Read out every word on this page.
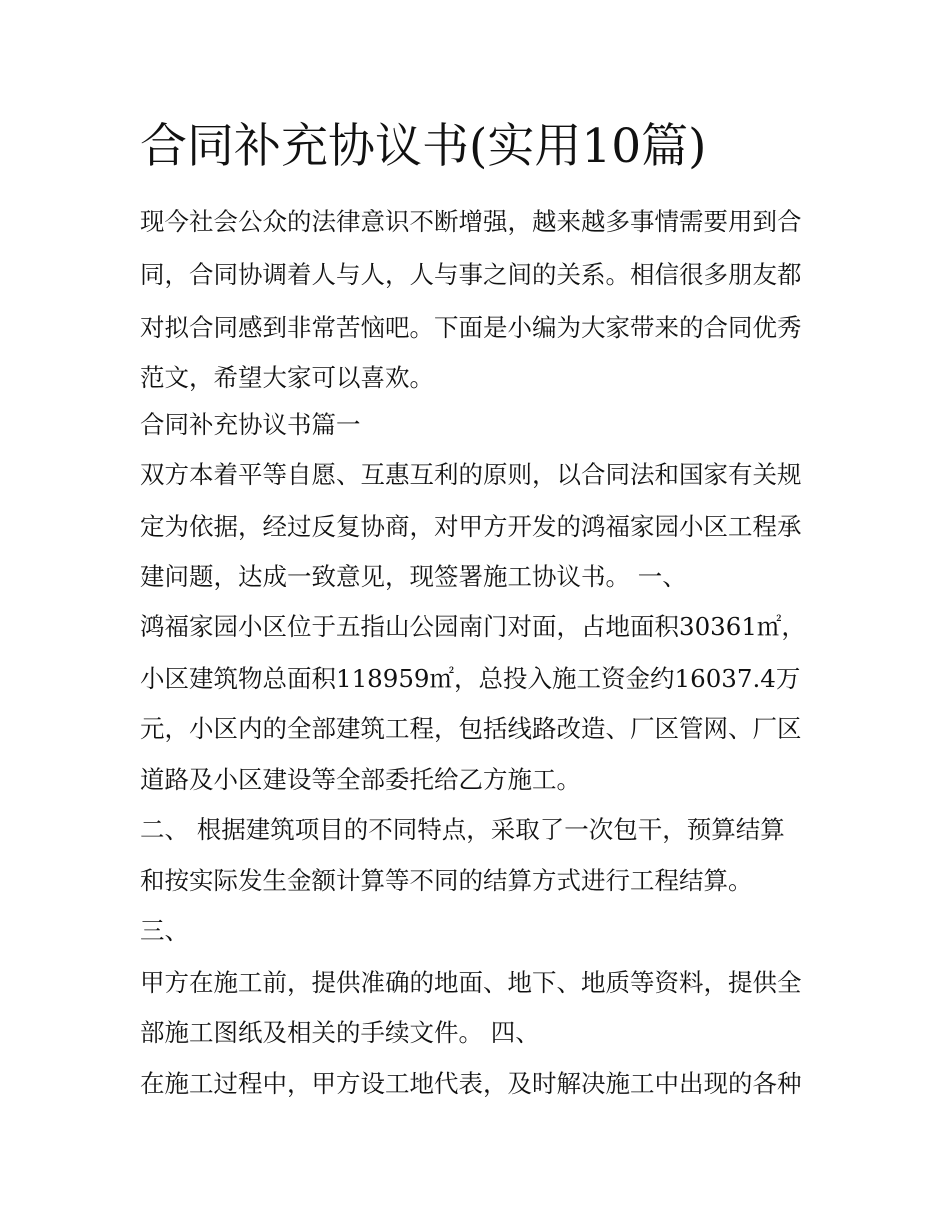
合同补充协议书(实用10篇)

现今社会公众的法律意识不断增强，越来越多事情需要用到合

同，合同协调着人与人，人与事之间的关系。相信很多朋友都

对拟合同感到非常苦恼吧。下面是小编为大家带来的合同优秀

范文，希望大家可以喜欢。

合同补充协议书篇一

双方本着平等自愿、互惠互利的原则，以合同法和国家有关规

定为依据，经过反复协商，对甲方开发的鸿福家园小区工程承

建问题，达成一致意见，现签署施工协议书。 一、

鸿福家园小区位于五指山公园南门对面，占地面积30361㎡，

小区建筑物总面积118959㎡，总投入施工资金约16037.4万

元，小区内的全部建筑工程，包括线路改造、厂区管网、厂区

道路及小区建设等全部委托给乙方施工。

二、 根据建筑项目的不同特点，采取了一次包干，预算结算

和按实际发生金额计算等不同的结算方式进行工程结算。

三、

甲方在施工前，提供准确的地面、地下、地质等资料，提供全

部施工图纸及相关的手续文件。 四、

在施工过程中，甲方设工地代表，及时解决施工中出现的各种
